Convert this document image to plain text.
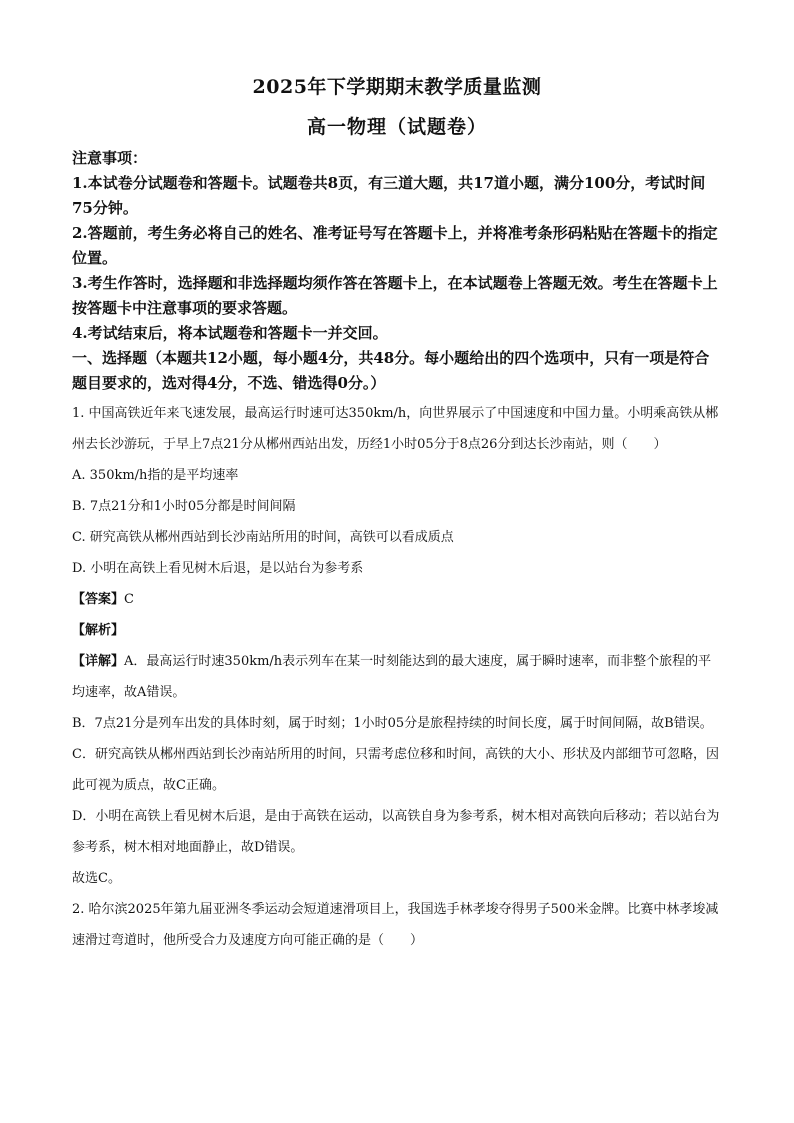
2025年下学期期末教学质量监测
高一物理（试题卷）
注意事项：
1.本试卷分试题卷和答题卡。试题卷共8页，有三道大题，共17道小题，满分100分，考试时间75分钟。
2.答题前，考生务必将自己的姓名、准考证号写在答题卡上，并将准考条形码粘贴在答题卡的指定位置。
3.考生作答时，选择题和非选择题均须作答在答题卡上，在本试题卷上答题无效。考生在答题卡上按答题卡中注意事项的要求答题。
4.考试结束后，将本试题卷和答题卡一并交回。
一、选择题（本题共12小题，每小题4分，共48分。每小题给出的四个选项中，只有一项是符合题目要求的，选对得4分，不选、错选得0分。）
1. 中国高铁近年来飞速发展，最高运行时速可达350km/h，向世界展示了中国速度和中国力量。小明乘高铁从郴州去长沙游玩，于早上7点21分从郴州西站出发，历经1小时05分于8点26分到达长沙南站，则（　　）
A. 350km/h指的是平均速率
B. 7点21分和1小时05分都是时间间隔
C. 研究高铁从郴州西站到长沙南站所用的时间，高铁可以看成质点
D. 小明在高铁上看见树木后退，是以站台为参考系
【答案】C
【解析】
【详解】A．最高运行时速350km/h表示列车在某一时刻能达到的最大速度，属于瞬时速率，而非整个旅程的平均速率，故A错误。
B．7点21分是列车出发的具体时刻，属于时刻；1小时05分是旅程持续的时间长度，属于时间间隔，故B错误。
C．研究高铁从郴州西站到长沙南站所用的时间，只需考虑位移和时间，高铁的大小、形状及内部细节可忽略，因此可视为质点，故C正确。
D．小明在高铁上看见树木后退，是由于高铁在运动，以高铁自身为参考系，树木相对高铁向后移动；若以站台为参考系，树木相对地面静止，故D错误。
故选C。
2. 哈尔滨2025年第九届亚洲冬季运动会短道速滑项目上，我国选手林孝埈夺得男子500米金牌。比赛中林孝埈减速滑过弯道时，他所受合力及速度方向可能正确的是（　　）
